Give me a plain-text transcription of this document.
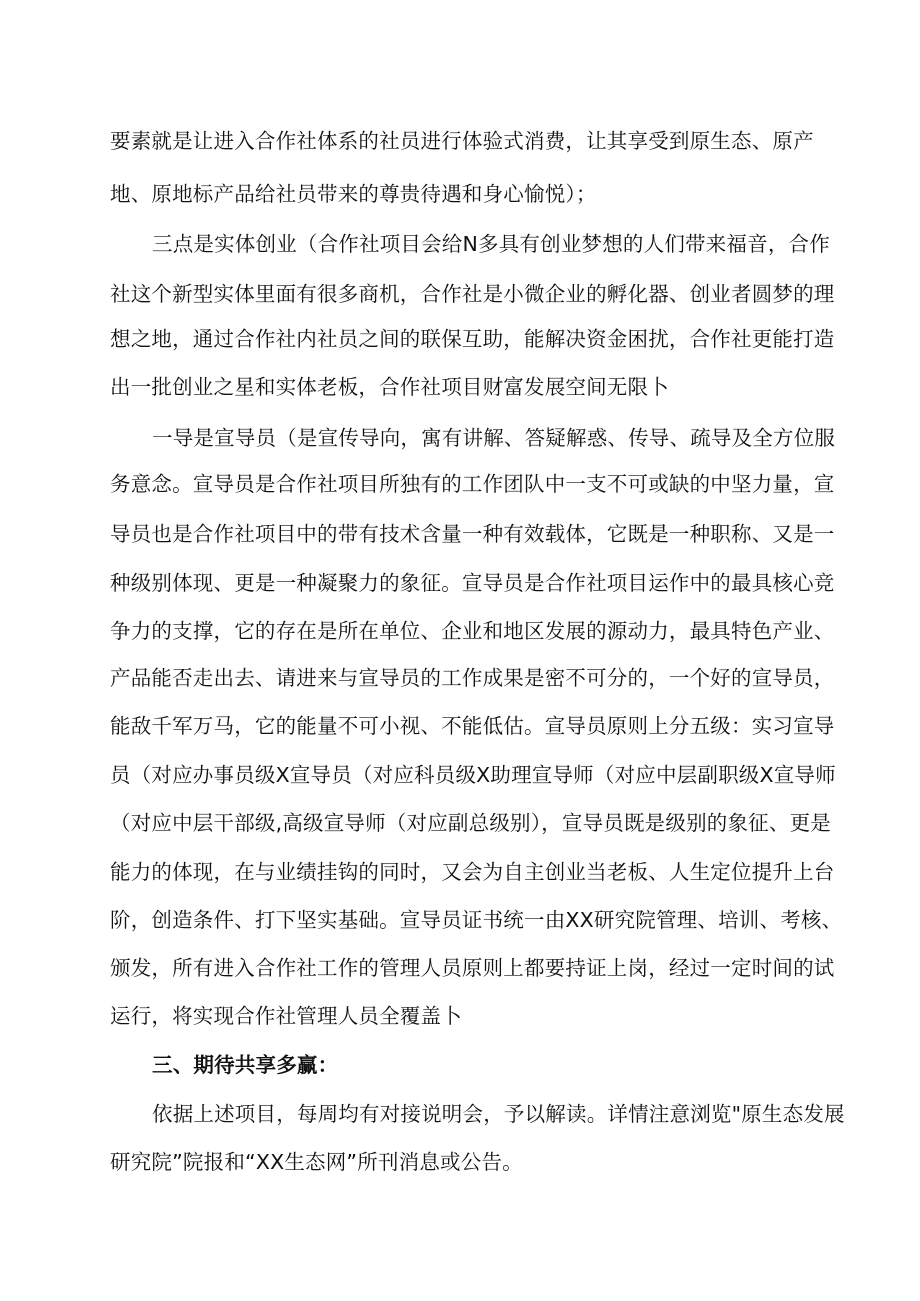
要素就是让进入合作社体系的社员进行体验式消费，让其享受到原生态、原产
地、原地标产品给社员带来的尊贵待遇和身心愉悦）；
三点是实体创业（合作社项目会给N多具有创业梦想的人们带来福音，合作
社这个新型实体里面有很多商机，合作社是小微企业的孵化器、创业者圆梦的理
想之地，通过合作社内社员之间的联保互助，能解决资金困扰，合作社更能打造
出一批创业之星和实体老板，合作社项目财富发展空间无限卜
一导是宣导员（是宣传导向，寓有讲解、答疑解惑、传导、疏导及全方位服
务意念。宣导员是合作社项目所独有的工作团队中一支不可或缺的中坚力量，宣
导员也是合作社项目中的带有技术含量一种有效载体，它既是一种职称、又是一
种级别体现、更是一种凝聚力的象征。宣导员是合作社项目运作中的最具核心竞
争力的支撑，它的存在是所在单位、企业和地区发展的源动力，最具特色产业、
产品能否走出去、请进来与宣导员的工作成果是密不可分的，一个好的宣导员，
能敌千军万马，它的能量不可小视、不能低估。宣导员原则上分五级：实习宣导
员（对应办事员级X宣导员（对应科员级X助理宣导师（对应中层副职级X宣导师
（对应中层干部级,高级宣导师（对应副总级别），宣导员既是级别的象征、更是
能力的体现，在与业绩挂钩的同时，又会为自主创业当老板、人生定位提升上台
阶，创造条件、打下坚实基础。宣导员证书统一由XX研究院管理、培训、考核、
颁发，所有进入合作社工作的管理人员原则上都要持证上岗，经过一定时间的试
运行，将实现合作社管理人员全覆盖卜
三、期待共享多赢：
依据上述项目，每周均有对接说明会，予以解读。详情注意浏览"原生态发展
研究院”院报和“XX生态网”所刊消息或公告。
